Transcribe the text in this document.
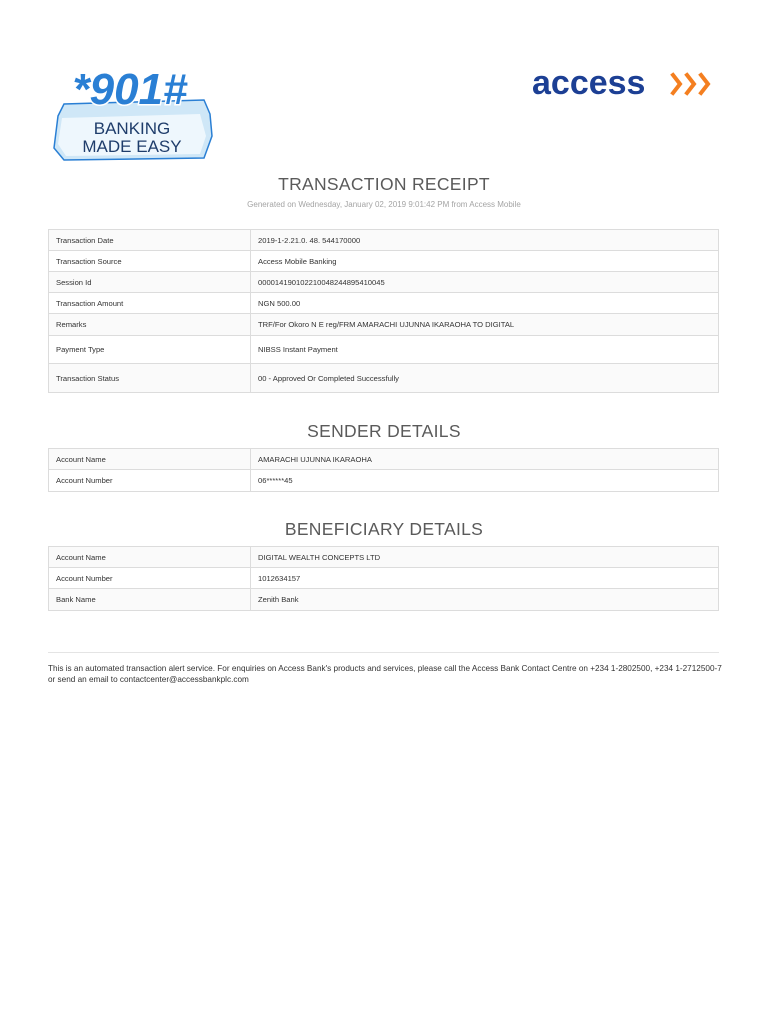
*901#
BANKING
MADE EASY
access
TRANSACTION RECEIPT
Generated on Wednesday, January 02, 2019 9:01:42 PM from Access Mobile
Transaction Date	2019-1-2.21.0. 48. 544170000
Transaction Source	Access Mobile Banking
Session Id	000014190102210048244895410045
Transaction Amount	NGN 500.00
Remarks	TRF/For Okoro N E reg/FRM AMARACHI UJUNNA IKARAOHA TO DIGITAL
Payment Type	NIBSS Instant Payment
Transaction Status	00 - Approved Or Completed Successfully
SENDER DETAILS
Account Name	AMARACHI UJUNNA IKARAOHA
Account Number	06******45
BENEFICIARY DETAILS
Account Name	DIGITAL WEALTH CONCEPTS LTD
Account Number	1012634157
Bank Name	Zenith Bank
This is an automated transaction alert service. For enquiries on Access Bank's products and services, please call the Access Bank Contact Centre on +234 1-2802500, +234 1-2712500-7
or send an email to contactcenter@accessbankplc.com
